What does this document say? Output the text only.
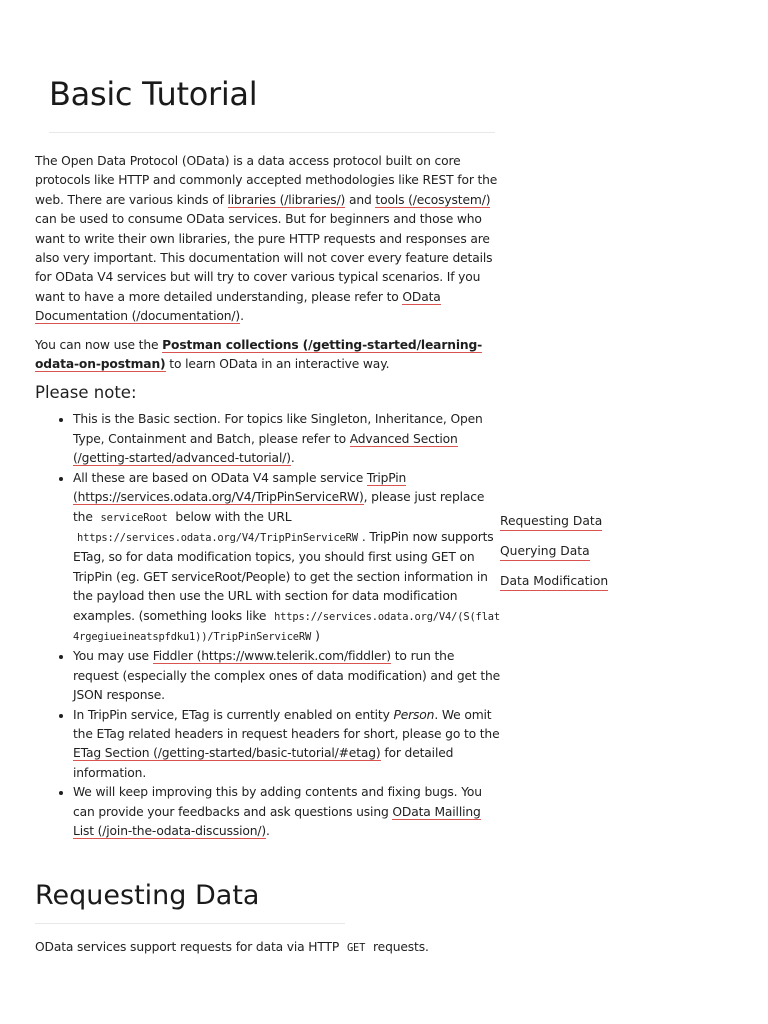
Basic Tutorial

The Open Data Protocol (OData) is a data access protocol built on core protocols like HTTP and commonly accepted methodologies like REST for the web. There are various kinds of libraries (/libraries/) and tools (/ecosystem/) can be used to consume OData services. But for beginners and those who want to write their own libraries, the pure HTTP requests and responses are also very important. This documentation will not cover every feature details for OData V4 services but will try to cover various typical scenarios. If you want to have a more detailed understanding, please refer to OData Documentation (/documentation/).

You can now use the Postman collections (/getting-started/learning-odata-on-postman) to learn OData in an interactive way.

Please note:
• This is the Basic section. For topics like Singleton, Inheritance, Open Type, Containment and Batch, please refer to Advanced Section (/getting-started/advanced-tutorial/).
• All these are based on OData V4 sample service TripPin (https://services.odata.org/V4/TripPinServiceRW), please just replace the serviceRoot below with the URL https://services.odata.org/V4/TripPinServiceRW . TripPin now supports ETag, so for data modification topics, you should first using GET on TripPin (eg. GET serviceRoot/People) to get the section information in the payload then use the URL with section for data modification examples. (something looks like https://services.odata.org/V4/(S(flat4rgegiueineatspfdku1))/TripPinServiceRW )
• You may use Fiddler (https://www.telerik.com/fiddler) to run the request (especially the complex ones of data modification) and get the JSON response.
• In TripPin service, ETag is currently enabled on entity Person. We omit the ETag related headers in request headers for short, please go to the ETag Section (/getting-started/basic-tutorial/#etag) for detailed information.
• We will keep improving this by adding contents and fixing bugs. You can provide your feedbacks and ask questions using OData Mailling List (/join-the-odata-discussion/).
Requesting Data

OData services support requests for data via HTTP GET requests.

Requesting Data
Querying Data
Data Modification
